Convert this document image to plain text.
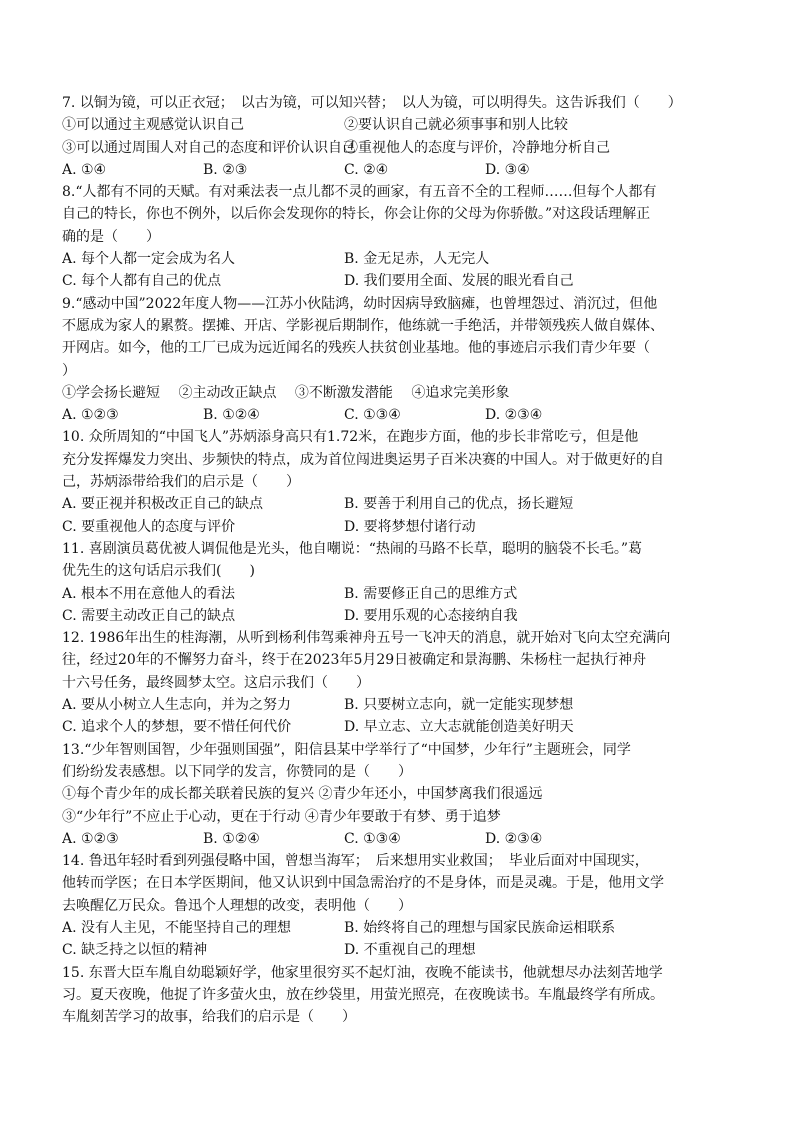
7. 以铜为镜，可以正衣冠；　以古为镜，可以知兴替；　以人为镜，可以明得失。这告诉我们（　　）
①可以通过主观感觉认识自己	②要认识自己就必须事事和别人比较
③可以通过周围人对自己的态度和评价认识自己
④重视他人的态度与评价，冷静地分析自己
A. ①④	B. ②③	C. ②④	D. ③④
8.“人都有不同的天赋。有对乘法表一点儿都不灵的画家，有五音不全的工程师……但每个人都有
自己的特长，你也不例外，以后你会发现你的特长，你会让你的父母为你骄傲。”对这段话理解正
确的是（　　）
A. 每个人都一定会成为名人	B. 金无足赤，人无完人
C. 每个人都有自己的优点	D. 我们要用全面、发展的眼光看自己
9.“感动中国”2022年度人物——江苏小伙陆鸿，幼时因病导致脑瘫，也曾埋怨过、消沉过，但他
不愿成为家人的累赘。摆摊、开店、学影视后期制作，他练就一手绝活，并带领残疾人做自媒体、
开网店。如今，他的工厂已成为远近闻名的残疾人扶贫创业基地。他的事迹启示我们青少年要（
）
①学会扬长避短　 ②主动改正缺点　 ③不断激发潜能　 ④追求完美形象
A. ①②③	B. ①②④	C. ①③④	D. ②③④
10. 众所周知的“中国飞人”苏炳添身高只有1.72米，在跑步方面，他的步长非常吃亏，但是他
充分发挥爆发力突出、步频快的特点，成为首位闯进奥运男子百米决赛的中国人。对于做更好的自
己，苏炳添带给我们的启示是（　　）
A. 要正视并积极改正自己的缺点	B. 要善于利用自己的优点，扬长避短
C. 要重视他人的态度与评价	D. 要将梦想付诸行动
11. 喜剧演员葛优被人调侃他是光头，他自嘲说：“热闹的马路不长草，聪明的脑袋不长毛。”葛
优先生的这句话启示我们(　　)
A. 根本不用在意他人的看法	B. 需要修正自己的思维方式
C. 需要主动改正自己的缺点	D. 要用乐观的心态接纳自我
12. 1986年出生的桂海潮，从听到杨利伟驾乘神舟五号一飞冲天的消息，就开始对飞向太空充满向
往，经过20年的不懈努力奋斗，终于在2023年5月29日被确定和景海鹏、朱杨柱一起执行神舟
十六号任务，最终圆梦太空。这启示我们（　　）
A. 要从小树立人生志向，并为之努力	B. 只要树立志向，就一定能实现梦想
C. 追求个人的梦想，要不惜任何代价	D. 早立志、立大志就能创造美好明天
13.“少年智则国智，少年强则国强”，阳信县某中学举行了“中国梦，少年行”主题班会，同学
们纷纷发表感想。以下同学的发言，你赞同的是（　　）
①每个青少年的成长都关联着民族的复兴 ②青少年还小，中国梦离我们很遥远
③“少年行”不应止于心动，更在于行动 ④青少年要敢于有梦、勇于追梦
A. ①②③	B. ①②④	C. ①③④	D. ②③④
14. 鲁迅年轻时看到列强侵略中国，曾想当海军；　后来想用实业救国；　毕业后面对中国现实，
他转而学医；在日本学医期间，他又认识到中国急需治疗的不是身体，而是灵魂。于是，他用文学
去唤醒亿万民众。鲁迅个人理想的改变，表明他（　　）
A. 没有人主见，不能坚持自己的理想	B. 始终将自己的理想与国家民族命运相联系
C. 缺乏持之以恒的精神	D. 不重视自己的理想
15. 东晋大臣车胤自幼聪颖好学，他家里很穷买不起灯油，夜晚不能读书，他就想尽办法刻苦地学
习。夏天夜晚，他捉了许多萤火虫，放在纱袋里，用萤光照亮，在夜晚读书。车胤最终学有所成。
车胤刻苦学习的故事，给我们的启示是（　　）
